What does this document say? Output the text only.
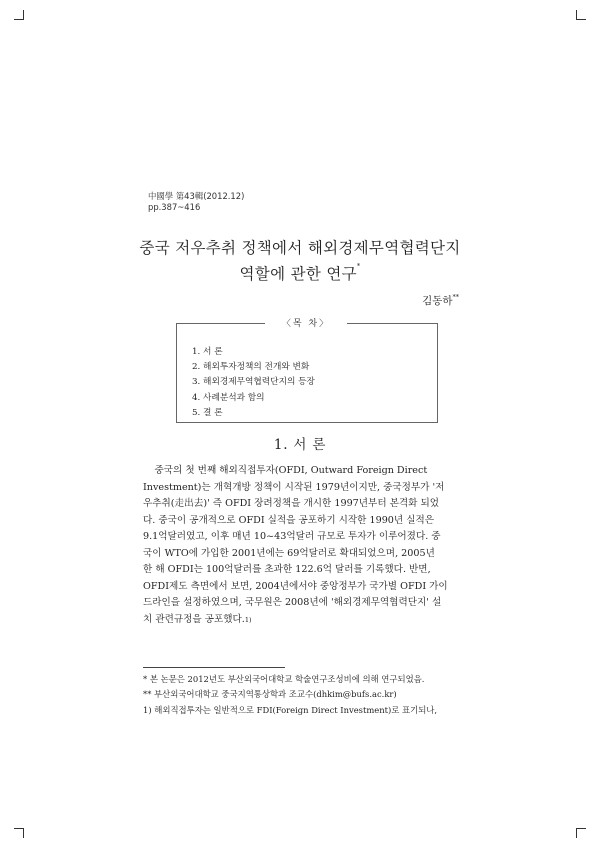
中國學 第43輯(2012.12)
pp.387~416
중국 저우추취 정책에서 해외경제무역협력단지
역할에 관한 연구*
김동하**
〈목 차〉
1. 서 론
2. 해외투자정책의 전개와 변화
3. 해외경제무역협력단지의 등장
4. 사례분석과 함의
5. 결 론
1. 서 론

중국의 첫 번째 해외직접투자(OFDI, Outward Foreign Direct
Investment)는 개혁개방 정책이 시작된 1979년이지만, 중국정부가 '저
우추취(走出去)' 즉 OFDI 장려정책을 개시한 1997년부터 본격화 되었
다. 중국이 공개적으로 OFDI 실적을 공포하기 시작한 1990년 실적은
9.1억달러였고, 이후 매년 10~43억달러 규모로 투자가 이루어졌다. 중
국이 WTO에 가입한 2001년에는 69억달러로 확대되었으며, 2005년
한 해 OFDI는 100억달러를 초과한 122.6억 달러를 기록했다. 반면,
OFDI제도 측면에서 보면, 2004년에서야 중앙정부가 국가별 OFDI 가이
드라인을 설정하였으며, 국무원은 2008년에 '해외경제무역협력단지' 설
치 관련규정을 공포했다.$^{1)}$

* 본 논문은 2012년도 부산외국어대학교 학술연구조성비에 의해 연구되었음.
** 부산외국어대학교 중국지역통상학과 조교수(dhkim@bufs.ac.kr)
1) 해외직접투자는 일반적으로 FDI(Foreign Direct Investment)로 표기되나,
